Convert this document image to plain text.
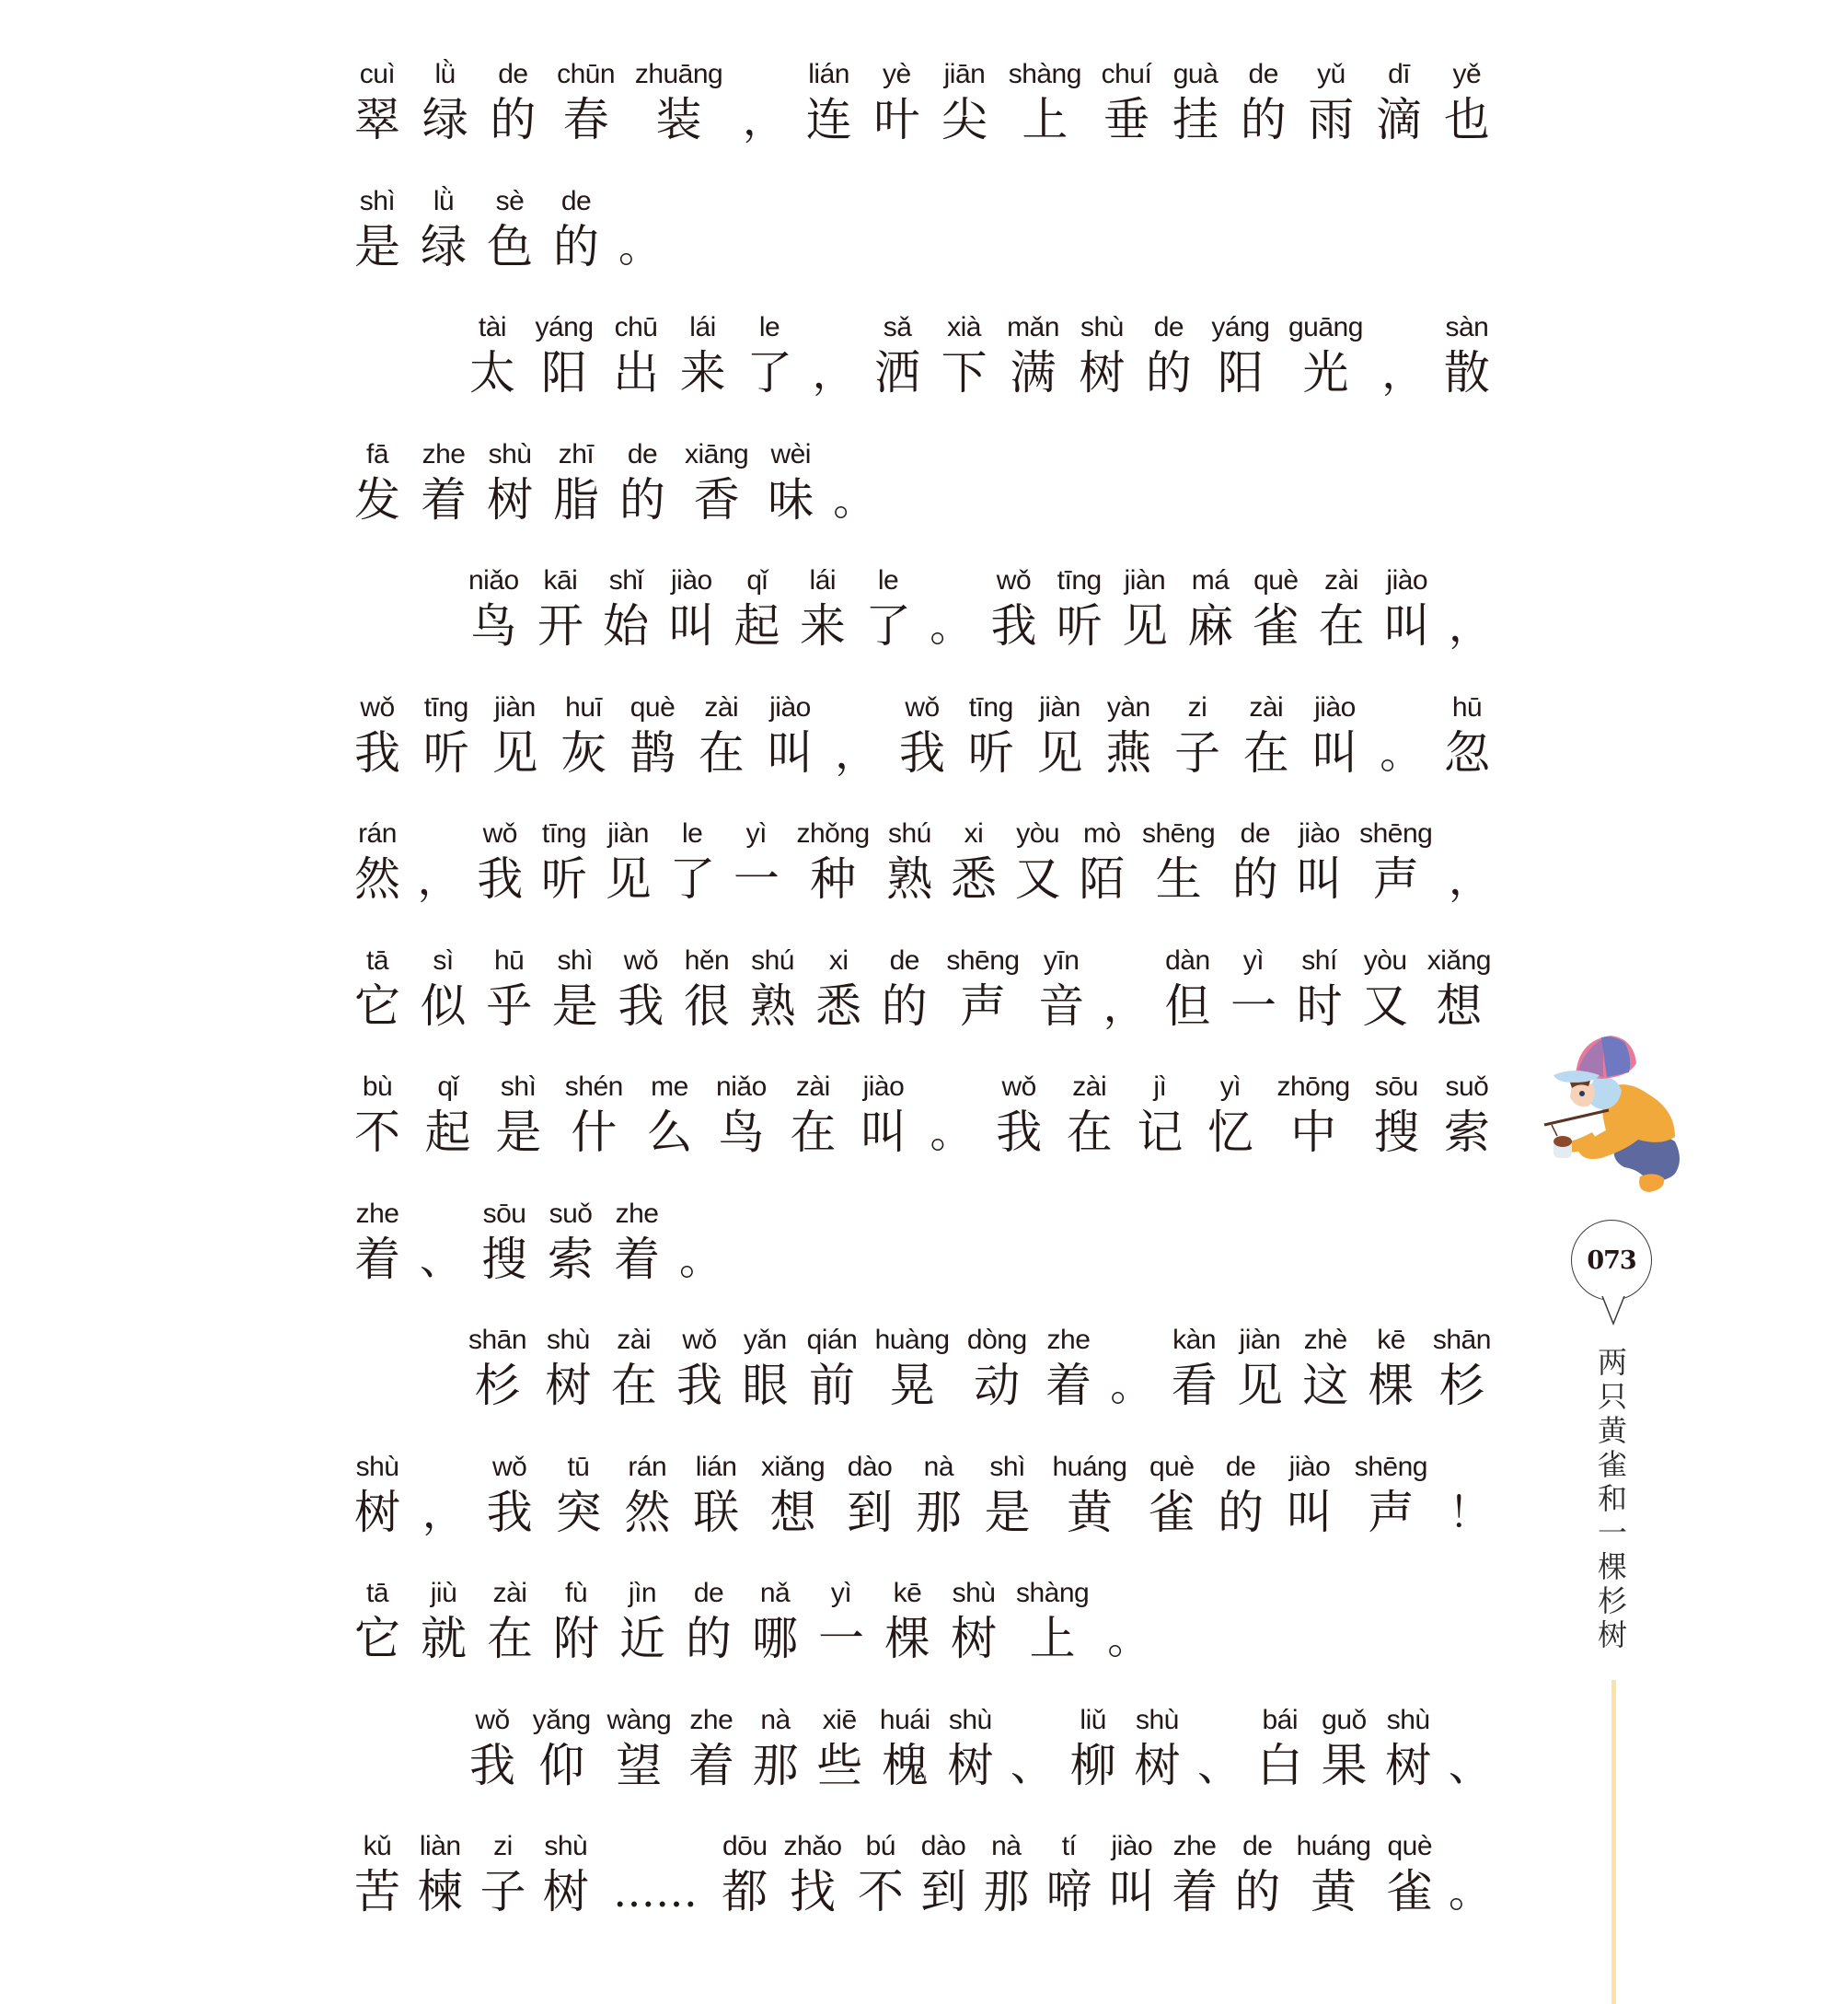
cuì
翠
lǜ
绿
de
的
chūn
春
zhuāng
装 ，
lián
连
yè
叶
jiān
尖
shàng
上
chuí
垂
guà
挂
de
的
yǔ
雨
dī
滴
yě
也
shì
是
lǜ
绿
sè
色
de
的 。
tài
太
yáng
阳
chū
出
lái
来
le
了 ，
sǎ
洒
xià
下
mǎn
满
shù
树
de
的
yáng
阳
guāng
光 ，
sàn
散
fā
发
zhe
着
shù
树
zhī
脂
de
的
xiāng
香
wèi
味 。
niǎo
鸟
kāi
开
shǐ
始
jiào
叫
qǐ
起
lái
来
le
了 。
wǒ
我
tīng
听
jiàn
见
má
麻
què
雀
zài
在
jiào
叫 ，
wǒ
我
tīng
听
jiàn
见
huī
灰
què
鹊
zài
在
jiào
叫 ，
wǒ
我
tīng
听
jiàn
见
yàn
燕
zi
子
zài
在
jiào
叫 。
hū
忽
rán
然 ，
wǒ
我
tīng
听
jiàn
见
le
了
yì
一
zhǒng
种
shú
熟
xi
悉
yòu
又
mò
陌
shēng
生
de
的
jiào
叫
shēng
声 ，
tā
它
sì
似
hū
乎
shì
是
wǒ
我
hěn
很
shú
熟
xi
悉
de
的
shēng
声
yīn
音 ，
dàn
但
yì
一
shí
时
yòu
又
xiǎng
想
bù
不
qǐ
起
shì
是
shén
什
me
么
niǎo
鸟
zài
在
jiào
叫 。
wǒ
我
zài
在
jì
记
yì
忆
zhōng
中
sōu
搜
suǒ
索
zhe
着 、
sōu
搜
suǒ
索
zhe
着 。
shān
杉
shù
树
zài
在
wǒ
我
yǎn
眼
qián
前
huàng
晃
dòng
动
zhe
着 。
kàn
看
jiàn
见
zhè
这
kē
棵
shān
杉
shù
树 ，
wǒ
我
tū
突
rán
然
lián
联
xiǎng
想
dào
到
nà
那
shì
是
huáng
黄
què
雀
de
的
jiào
叫
shēng
声 ！
tā
它
jiù
就
zài
在
fù
附
jìn
近
de
的
nǎ
哪
yì
一
kē
棵
shù
树
shàng
上 。
wǒ
我
yǎng
仰
wàng
望
zhe
着
nà
那
xiē
些
huái
槐
shù
树 、
liǔ
柳
shù
树 、
bái
白
guǒ
果
shù
树 、
kǔ
苦
liàn
楝
zi
子
shù
树 ……
dōu
都
zhǎo
找
bú
不
dào
到
nà
那
tí
啼
jiào
叫
zhe
着
de
的
huáng
黄
què
雀 。
073
两
只
黄
雀
和
一
棵
杉
树
